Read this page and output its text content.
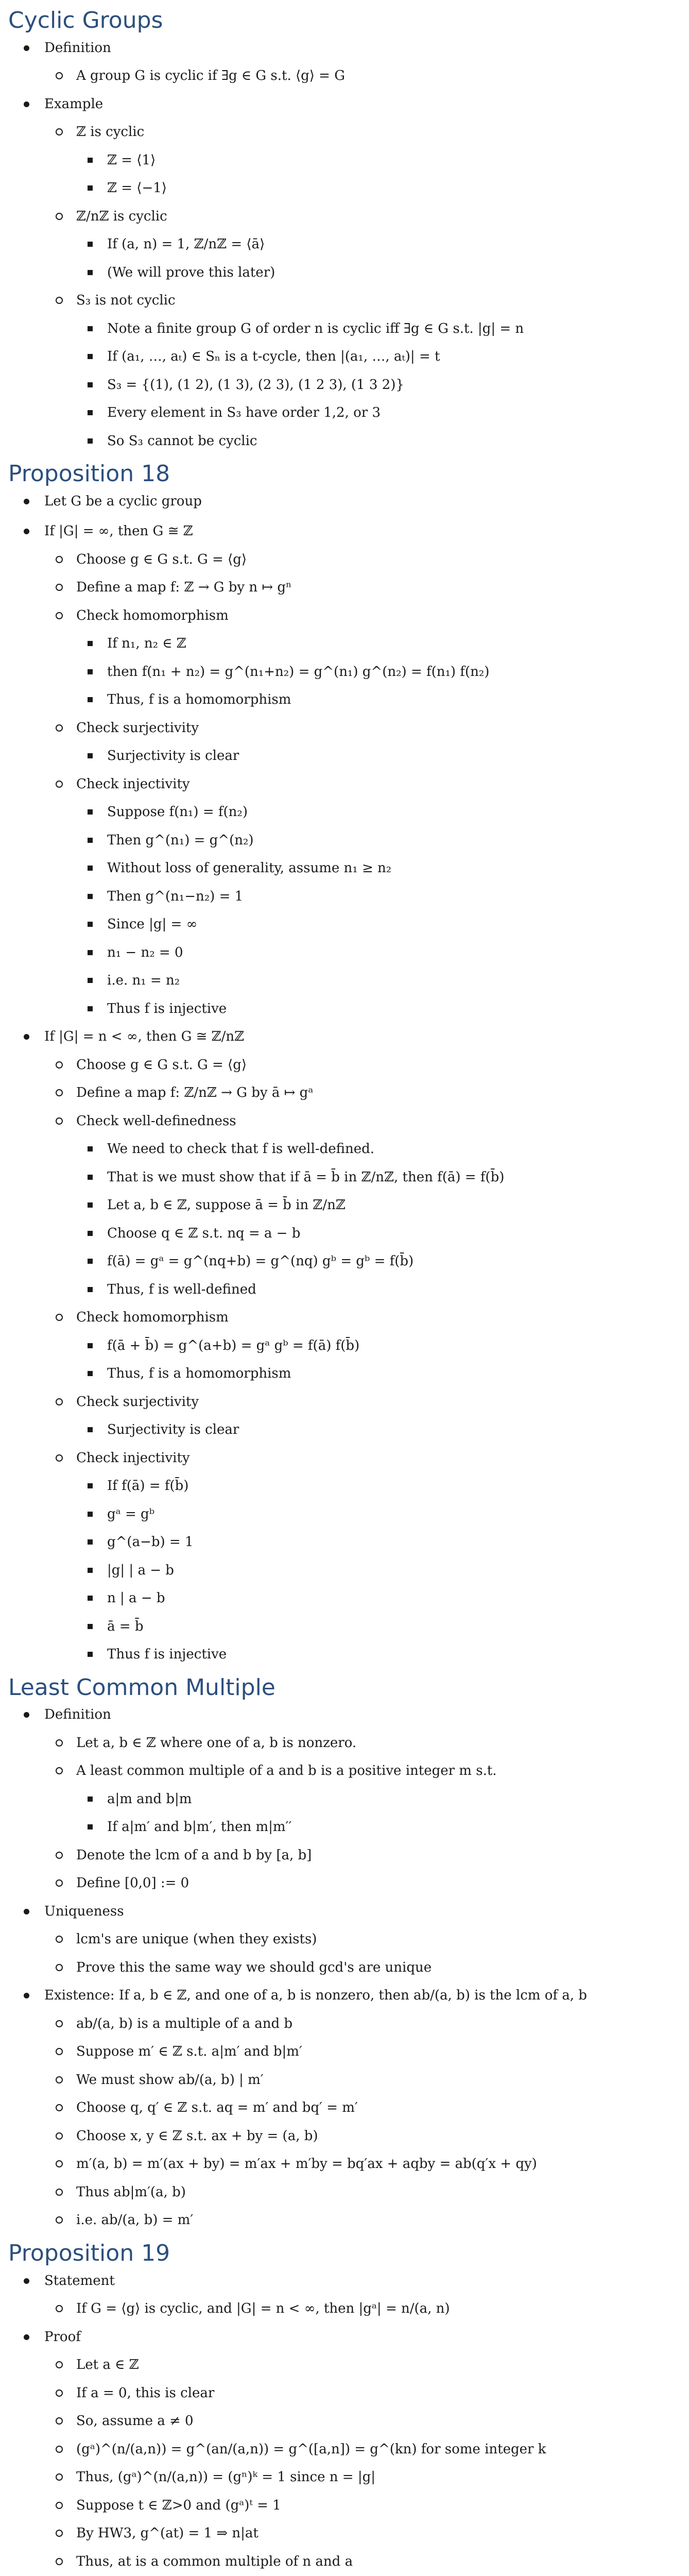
Cyclic Groups
Definition
A group G is cyclic if ∃g ∈ G s.t. ⟨g⟩ = G
Example
ℤ is cyclic
ℤ = ⟨1⟩
ℤ = ⟨−1⟩
ℤ/nℤ is cyclic
If (a, n) = 1, ℤ/nℤ = ⟨ā⟩
(We will prove this later)
S₃ is not cyclic
Note a finite group G of order n is cyclic iff ∃g ∈ G s.t. |g| = n
If (a₁, …, aₜ) ∈ Sₙ is a t-cycle, then |(a₁, …, aₜ)| = t
S₃ = {(1), (1 2), (1 3), (2 3), (1 2 3), (1 3 2)}
Every element in S₃ have order 1,2, or 3
So S₃ cannot be cyclic
Proposition 18
Let G be a cyclic group
If |G| = ∞, then G ≅ ℤ
Choose g ∈ G s.t. G = ⟨g⟩
Define a map f: ℤ → G by n ↦ gⁿ
Check homomorphism
If n₁, n₂ ∈ ℤ
then f(n₁ + n₂) = g^(n₁+n₂) = g^(n₁) g^(n₂) = f(n₁) f(n₂)
Thus, f is a homomorphism
Check surjectivity
Surjectivity is clear
Check injectivity
Suppose f(n₁) = f(n₂)
Then g^(n₁) = g^(n₂)
Without loss of generality, assume n₁ ≥ n₂
Then g^(n₁−n₂) = 1
Since |g| = ∞
n₁ − n₂ = 0
i.e. n₁ = n₂
Thus f is injective
If |G| = n < ∞, then G ≅ ℤ/nℤ
Choose g ∈ G s.t. G = ⟨g⟩
Define a map f: ℤ/nℤ → G by ā ↦ gᵃ
Check well-definedness
We need to check that f is well-defined.
That is we must show that if ā = b̄ in ℤ/nℤ, then f(ā) = f(b̄)
Let a, b ∈ ℤ, suppose ā = b̄ in ℤ/nℤ
Choose q ∈ ℤ s.t. nq = a − b
f(ā) = gᵃ = g^(nq+b) = g^(nq) gᵇ = gᵇ = f(b̄)
Thus, f is well-defined
Check homomorphism
f(ā + b̄) = g^(a+b) = gᵃ gᵇ = f(ā) f(b̄)
Thus, f is a homomorphism
Check surjectivity
Surjectivity is clear
Check injectivity
If f(ā) = f(b̄)
gᵃ = gᵇ
g^(a−b) = 1
|g| | a − b
n | a − b
ā = b̄
Thus f is injective
Least Common Multiple
Definition
Let a, b ∈ ℤ where one of a, b is nonzero.
A least common multiple of a and b is a positive integer m s.t.
a|m and b|m
If a|m′ and b|m′, then m|m′′
Denote the lcm of a and b by [a, b]
Define [0,0] := 0
Uniqueness
lcm's are unique (when they exists)
Prove this the same way we should gcd's are unique
Existence: If a, b ∈ ℤ, and one of a, b is nonzero, then ab/(a, b) is the lcm of a, b
ab/(a, b) is a multiple of a and b
Suppose m′ ∈ ℤ s.t. a|m′ and b|m′
We must show ab/(a, b) | m′
Choose q, q′ ∈ ℤ s.t. aq = m′ and bq′ = m′
Choose x, y ∈ ℤ s.t. ax + by = (a, b)
m′(a, b) = m′(ax + by) = m′ax + m′by = bq′ax + aqby = ab(q′x + qy)
Thus ab|m′(a, b)
i.e. ab/(a, b) = m′
Proposition 19
Statement
If G = ⟨g⟩ is cyclic, and |G| = n < ∞, then |gᵃ| = n/(a, n)
Proof
Let a ∈ ℤ
If a = 0, this is clear
So, assume a ≠ 0
(gᵃ)^(n/(a,n)) = g^(an/(a,n)) = g^([a,n]) = g^(kn) for some integer k
Thus, (gᵃ)^(n/(a,n)) = (gⁿ)ᵏ = 1 since n = |g|
Suppose t ∈ ℤ>0 and (gᵃ)ᵗ = 1
By HW3, g^(at) = 1 ⇒ n|at
Thus, at is a common multiple of n and a
